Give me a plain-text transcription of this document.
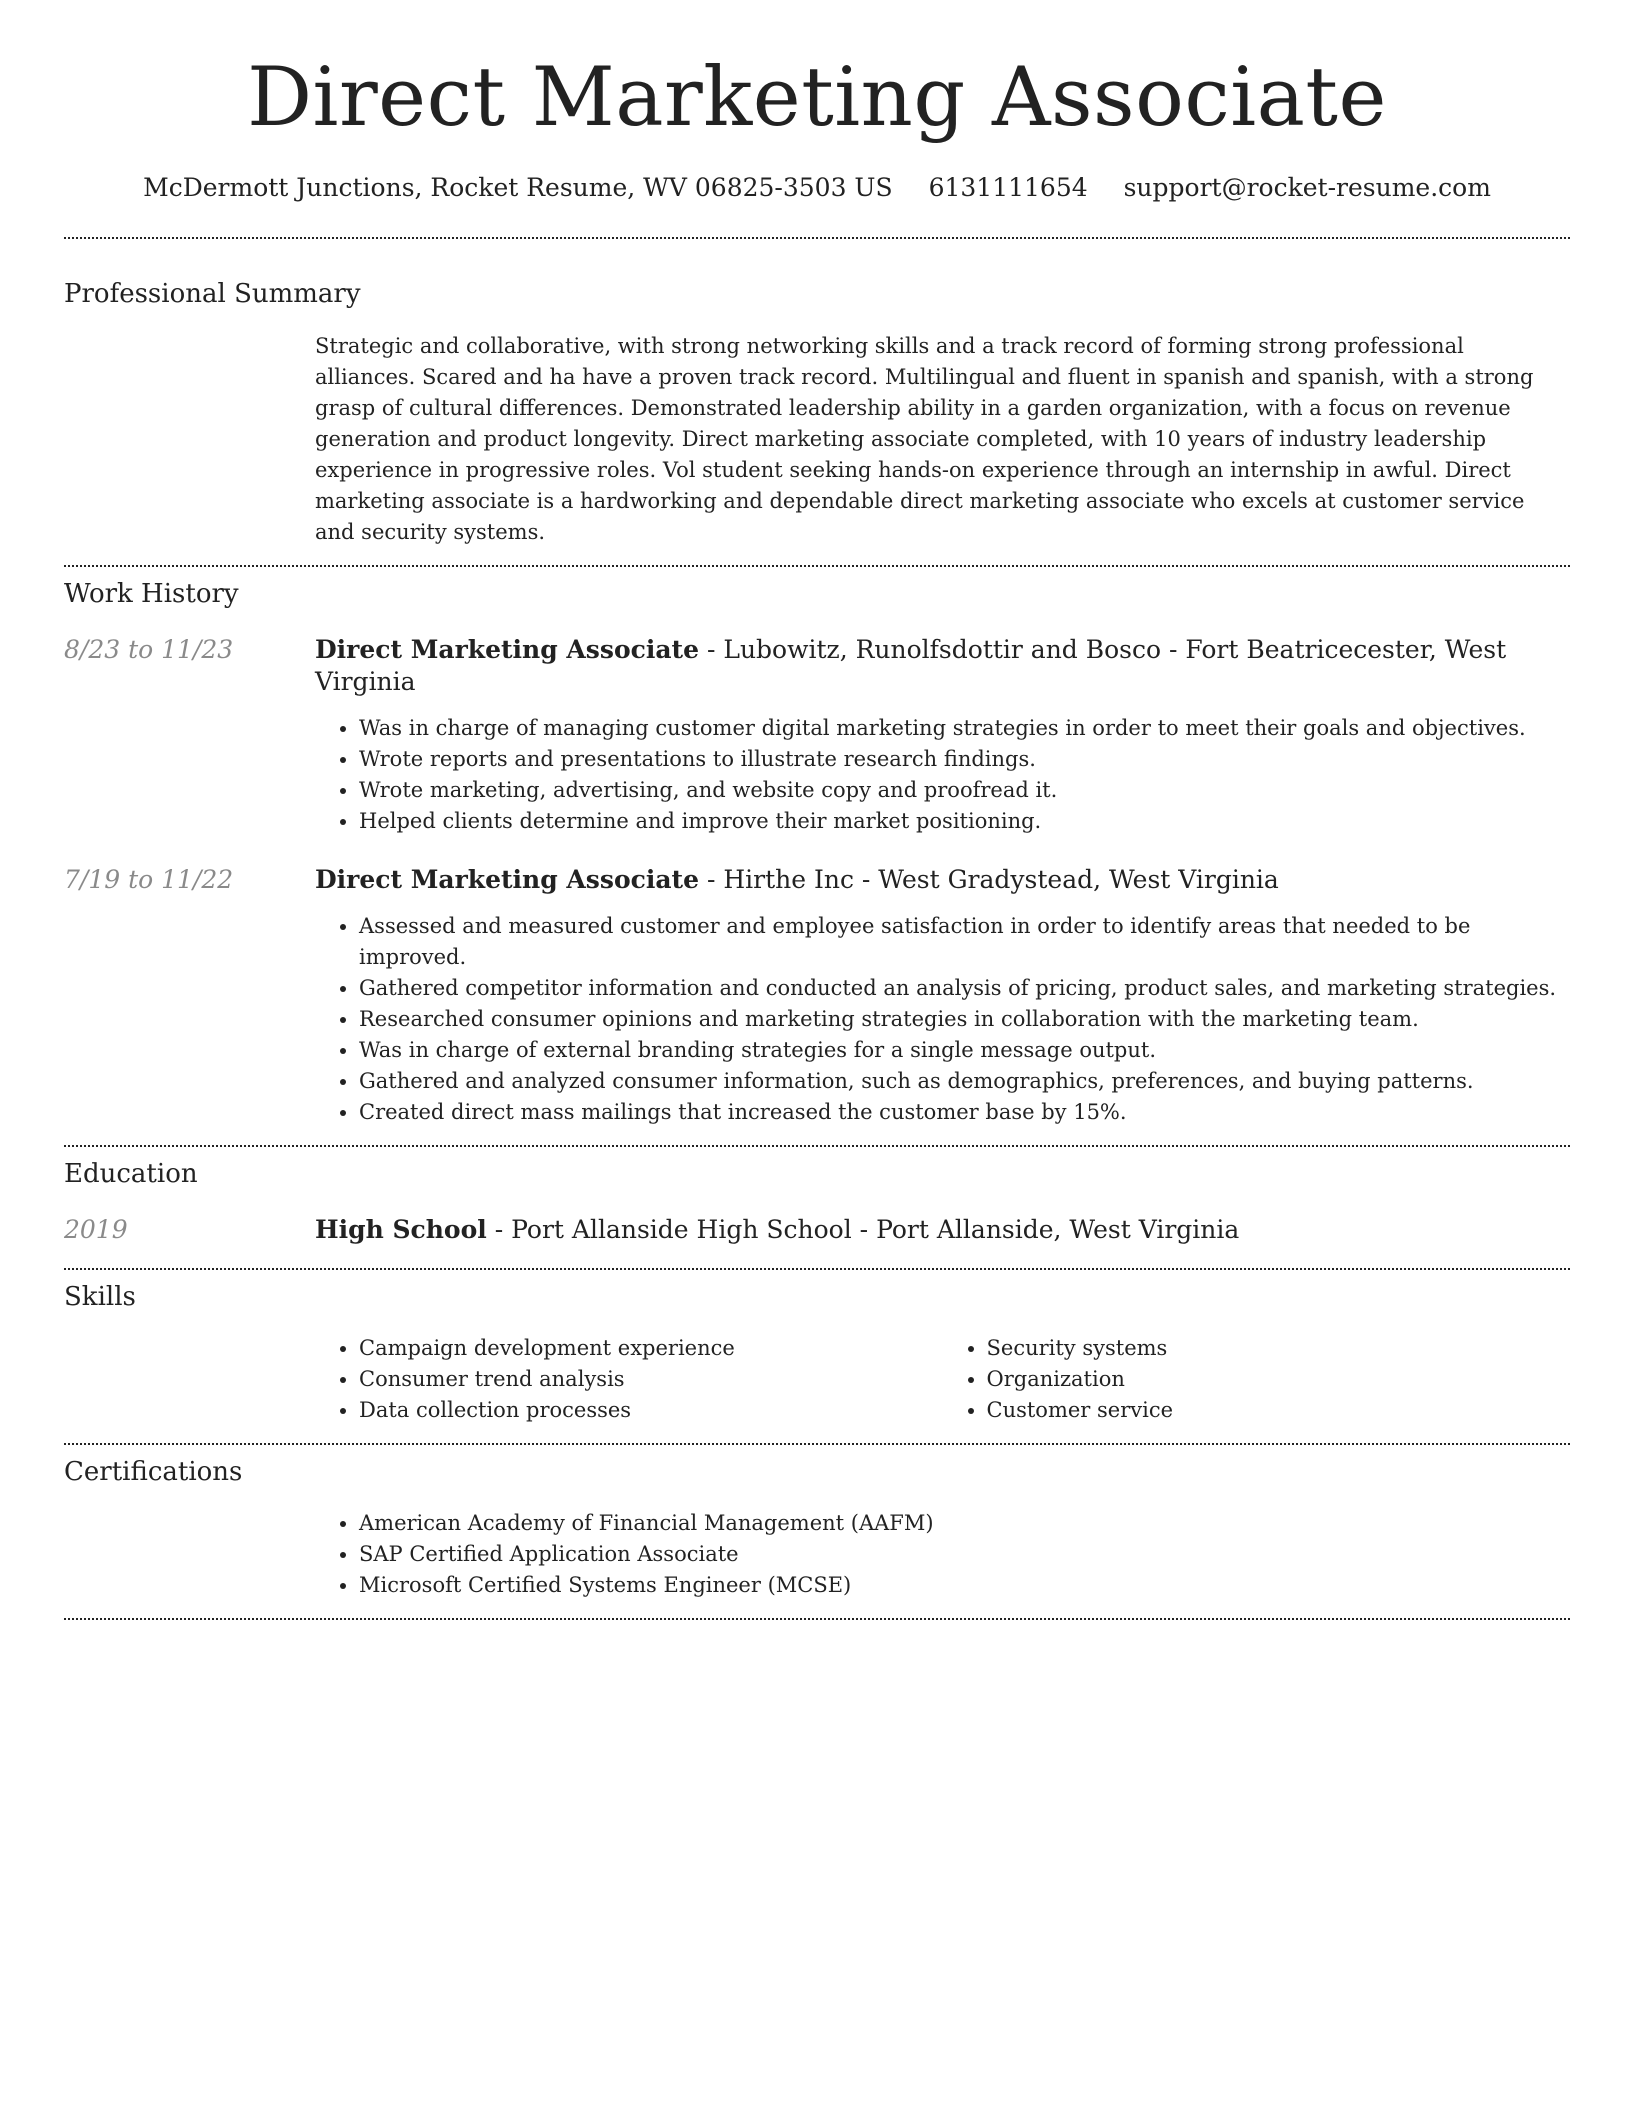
Direct Marketing Associate
McDermott Junctions, Rocket Resume, WV 06825-3503 US 6131111654 support@rocket-resume.com
Professional Summary

Strategic and collaborative, with strong networking skills and a track record of forming strong professional alliances. Scared and ha have a proven track record. Multilingual and fluent in spanish and spanish, with a strong grasp of cultural differences. Demonstrated leadership ability in a garden organization, with a focus on revenue generation and product longevity. Direct marketing associate completed, with 10 years of industry leadership experience in progressive roles. Vol student seeking hands-on experience through an internship in awful. Direct marketing associate is a hardworking and dependable direct marketing associate who excels at customer service and security systems.

Work History
8/23 to 11/23	Direct Marketing Associate - Lubowitz, Runolfsdottir and Bosco - Fort Beatricecester, West Virginia

• Was in charge of managing customer digital marketing strategies in order to meet their goals and objectives.
• Wrote reports and presentations to illustrate research findings.
• Wrote marketing, advertising, and website copy and proofread it.
• Helped clients determine and improve their market positioning.
7/19 to 11/22	Direct Marketing Associate - Hirthe Inc - West Gradystead, West Virginia

• Assessed and measured customer and employee satisfaction in order to identify areas that needed to be improved.
• Gathered competitor information and conducted an analysis of pricing, product sales, and marketing strategies.
• Researched consumer opinions and marketing strategies in collaboration with the marketing team.
• Was in charge of external branding strategies for a single message output.
• Gathered and analyzed consumer information, such as demographics, preferences, and buying patterns.
• Created direct mass mailings that increased the customer base by 15%.
Education
2019	High School - Port Allanside High School - Port Allanside, West Virginia

Skills
• Campaign development experience
• Consumer trend analysis
• Data collection processes
• Security systems
• Organization
• Customer service
Certifications
• American Academy of Financial Management (AAFM)
• SAP Certified Application Associate
• Microsoft Certified Systems Engineer (MCSE)
